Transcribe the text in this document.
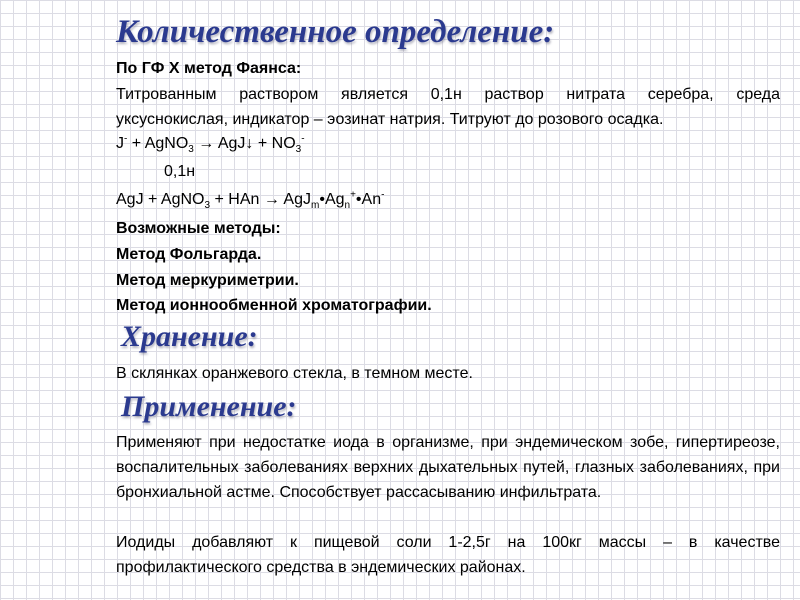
Количественное определение:
По ГФ Х метод Фаянса:
Титрованным раствором является 0,1н раствор нитрата серебра, среда
уксуснокислая, индикатор – эозинат натрия. Титруют до розового осадка.
J- + AgNO$_3$ → AgJ↓ + $NO_3^-$
0,1н
AgJ + AgNO$_3$ + HAn → $AgJ_m•Ag_n^+•An^-$
Возможные методы:
Метод Фольгарда.
Метод меркуриметрии.
Метод ионнообменной хроматографии.
Хранение:
В склянках оранжевого стекла, в темном месте.
Применение:

Применяют при недостатке иода в организме, при эндемическом зобе, гипертиреозе, воспалительных заболеваниях верхних дыхательных путей, глазных заболеваниях, при бронхиальной астме. Способствует рассасыванию инфильтрата.

Иодиды добавляют к пищевой соли 1-2,5г на 100кг массы – в качестве профилактического средства в эндемических районах.
